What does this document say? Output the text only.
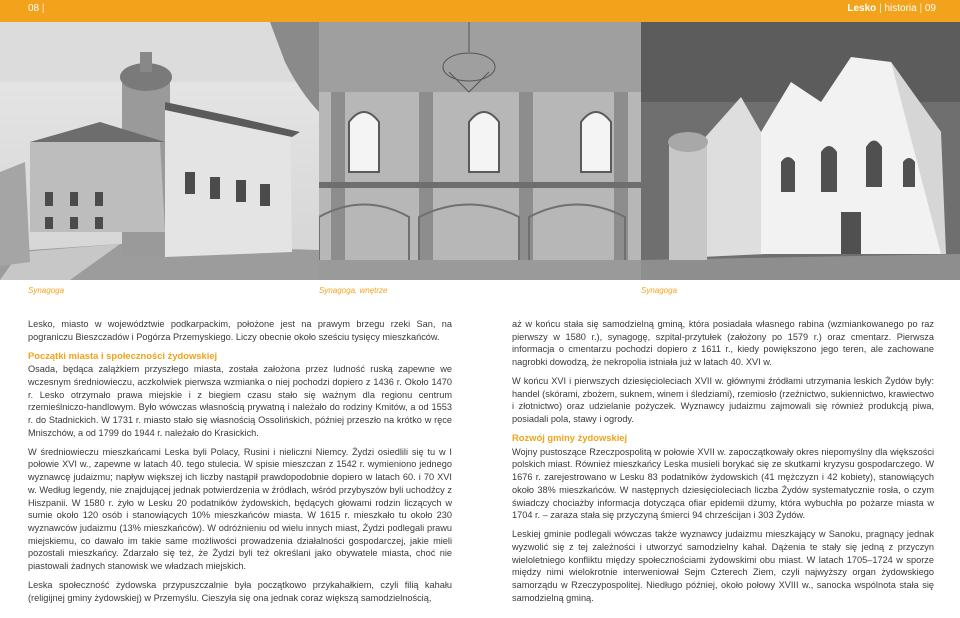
08 |	Lesko | historia | 09
Synagoga	Synagoga, wnętrze	Synagoga

Lesko, miasto w województwie podkarpackim, położone jest na prawym brzegu rzeki San, na pograniczu Bieszczadów i Pogórza Przemyskiego. Liczy obecnie około sześciu tysięcy mieszkańców.

Początki miasta i społeczności żydowskiej

Osada, będąca zalążkiem przyszłego miasta, została założona przez ludność ruską zapewne we wczesnym średniowieczu, aczkolwiek pierwsza wzmianka o niej pochodzi dopiero z 1436 r. Około 1470 r. Lesko otrzymało prawa miejskie i z biegiem czasu stało się ważnym dla regionu centrum rzemieślniczo-handlowym. Było wówczas własnością prywatną i należało do rodziny Kmitów, a od 1553 r. do Stadnickich. W 1731 r. miasto stało się własnością Ossolińskich, później przeszło na krótko w ręce Mniszchów, a od 1799 do 1944 r. należało do Krasickich.

W średniowieczu mieszkańcami Leska byli Polacy, Rusini i nieliczni Niemcy. Żydzi osiedlili się tu w I połowie XVI w., zapewne w latach 40. tego stulecia. W spisie mieszczan z 1542 r. wymieniono jednego wyznawcę judaizmu; napływ większej ich liczby nastąpił prawdopodobnie dopiero w latach 60. i 70 XVI w. Według legendy, nie znajdującej jednak potwierdzenia w źródłach, wśród przybyszów byli uchodźcy z Hiszpanii. W 1580 r. żyło w Lesku 20 podatników żydowskich, będących głowami rodzin liczących w sumie około 120 osób i stanowiących 10% mieszkańców miasta. W 1615 r. mieszkało tu około 230 wyznawców judaizmu (13% mieszkańców). W odróżnieniu od wielu innych miast, Żydzi podlegali prawu miejskiemu, co dawało im takie same możliwości prowadzenia działalności gospodarczej, jakie mieli pozostali mieszkańcy. Zdarzało się też, że Żydzi byli też określani jako obywatele miasta, choć nie piastowali żadnych stanowisk we władzach miejskich.

Leska społeczność żydowska przypuszczalnie była początkowo przykahałkiem, czyli filią kahału (religijnej gminy żydowskiej) w Przemyślu. Cieszyła się ona jednak coraz większą samodzielnością,

aż w końcu stała się samodzielną gminą, która posiadała własnego rabina (wzmiankowanego po raz pierwszy w 1580 r.), synagogę, szpital-przytułek (założony po 1579 r.) oraz cmentarz. Pierwsza informacja o cmentarzu pochodzi dopiero z 1611 r., kiedy powiększono jego teren, ale zachowane nagrobki dowodzą, że nekropolia istniała już w latach 40. XVI w.

W końcu XVI i pierwszych dziesięcioleciach XVII w. głównymi źródłami utrzymania leskich Żydów były: handel (skórami, zbożem, suknem, winem i śledziami), rzemiosło (rzeźnictwo, sukiennictwo, krawiectwo i złotnictwo) oraz udzielanie pożyczek. Wyznawcy judaizmu zajmowali się również produkcją piwa, posiadali pola, stawy i ogrody.

Rozwój gminy żydowskiej

Wojny pustoszące Rzeczpospolitą w połowie XVII w. zapoczątkowały okres niepomyślny dla większości polskich miast. Również mieszkańcy Leska musieli borykać się ze skutkami kryzysu gospodarczego. W 1676 r. zarejestrowano w Lesku 83 podatników żydowskich (41 mężczyzn i 42 kobiety), stanowiących około 38% mieszkańców. W następnych dziesięcioleciach liczba Żydów systematycznie rosła, o czym świadczy chociażby informacja dotycząca ofiar epidemii dżumy, która wybuchła po pożarze miasta w 1704 r. – zaraza stała się przyczyną śmierci 94 chrześcijan i 303 Żydów.

Leskiej gminie podlegali wówczas także wyznawcy judaizmu mieszkający w Sanoku, pragnący jednak wyzwolić się z tej zależności i utworzyć samodzielny kahał. Dążenia te stały się jedną z przyczyn wieloletniego konfliktu między społecznościami żydowskimi obu miast. W latach 1705–1724 w sporze między nimi wielokrotnie interweniował Sejm Czterech Ziem, czyli najwyższy organ żydowskiego samorządu w Rzeczypospolitej. Niedługo później, około połowy XVIII w., sanocka wspólnota stała się samodzielną gminą.
